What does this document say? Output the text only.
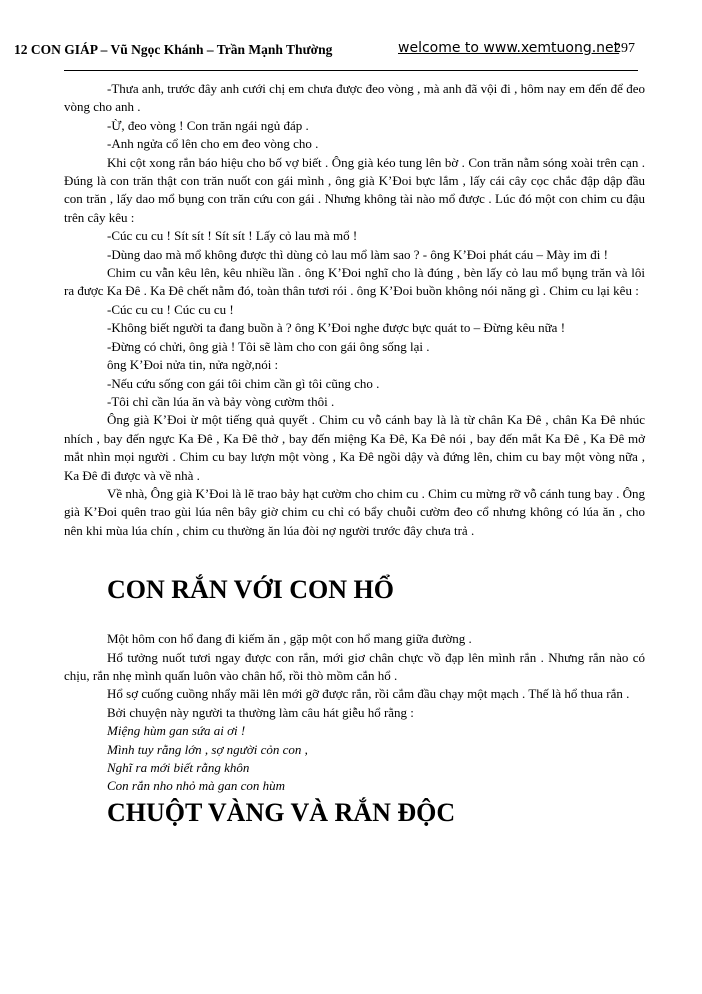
12 CON GIÁP – Vũ Ngọc Khánh – Trần Mạnh Thường	welcome to www.xemtuong.net
297

-Thưa anh, trước đây anh cưới chị em chưa được đeo vòng , mà anh đã vội đi , hôm nay em đến để đeo vòng cho anh .

-Ừ, đeo vòng ! Con trăn ngái ngủ đáp .

-Anh ngửa cổ lên cho em đeo vòng cho .

Khi cột xong rắn báo hiệu cho bố vợ biết . Ông già kéo tung lên bờ . Con trăn nằm sóng xoài trên cạn . Đúng là con trăn thật con trăn nuốt con gái mình , ông già K’Đoi bực lắm , lấy cái cây cọc chắc đập dập đầu con trăn , lấy dao mổ bụng con trăn cứu con gái . Nhưng không tài nào mổ được . Lúc đó một con chim cu đậu trên cây kêu :

-Cúc cu cu ! Sít sít ! Sít sít ! Lấy cỏ lau mà mổ !

-Dùng dao mà mổ không được thì dùng cỏ lau mổ làm sao ? - ông K’Đoi phát cáu – Mày im đi !

Chim cu vẫn kêu lên, kêu nhiều lần . ông K’Đoi nghĩ cho là đúng , bèn lấy cỏ lau mổ bụng trăn và lôi ra được Ka Đê . Ka Đê chết nằm đó, toàn thân tươi rói . ông K’Đoi buồn không nói năng gì . Chim cu lại kêu :

-Cúc cu cu ! Cúc cu cu !

-Không biết người ta đang buồn à ? ông K’Đoi nghe được bực quát to – Đừng kêu nữa !

-Đừng có chửi, ông già ! Tôi sẽ làm cho con gái ông sống lại .

ông K’Đoi nửa tin, nửa ngờ,nói :

-Nếu cứu sống con gái tôi chim cần gì tôi cũng cho .

-Tôi chỉ cần lúa ăn và bảy vòng cườm thôi .

Ông già K’Đoi ừ một tiếng quả quyết . Chim cu vỗ cánh bay là là từ chân Ka Đê , chân Ka Đê nhúc nhích , bay đến ngực Ka Đê , Ka Đê thở , bay đến miệng Ka Đê, Ka Đê nói , bay đến mắt Ka Đê , Ka Đê mở mắt nhìn mọi người . Chim cu bay lượn một vòng , Ka Đê ngồi dậy và đứng lên, chim cu bay một vòng nữa , Ka Đê đi được và về nhà .

Về nhà, Ông già K’Đoi là lẽ trao bảy hạt cườm cho chim cu . Chim cu mừng rỡ vỗ cánh tung bay . Ông già K’Đoi quên trao gùi lúa nên bây giờ chim cu chỉ có bẩy chuỗi cườm đeo cổ nhưng không có lúa ăn , cho nên khi mùa lúa chín , chim cu thường ăn lúa đòi nợ người trước đây chưa trả .

CON RẮN VỚI CON HỔ

Một hôm con hổ đang đi kiếm ăn , gặp một con hổ mang giữa đường .

Hổ tưởng nuốt tươi ngay được con rắn, mới giơ chân chực vồ đạp lên mình rắn . Nhưng rắn nào có chịu, rắn nhẹ mình quấn luôn vào chân hổ, rồi thò mồm cắn hổ .

Hổ sợ cuống cuồng nhẩy mãi lên mới gỡ được rắn, rồi cắm đầu chạy một mạch . Thế là hổ thua rắn .

Bởi chuyện này người ta thường làm câu hát giễu hổ rằng :

Miệng hùm gan sứa ai ơi !

Mình tuy rằng lớn , sợ người cỏn con ,

Nghĩ ra mới biết rằng khôn

Con rắn nho nhỏ mà gan con hùm

CHUỘT VÀNG VÀ RẮN ĐỘC
